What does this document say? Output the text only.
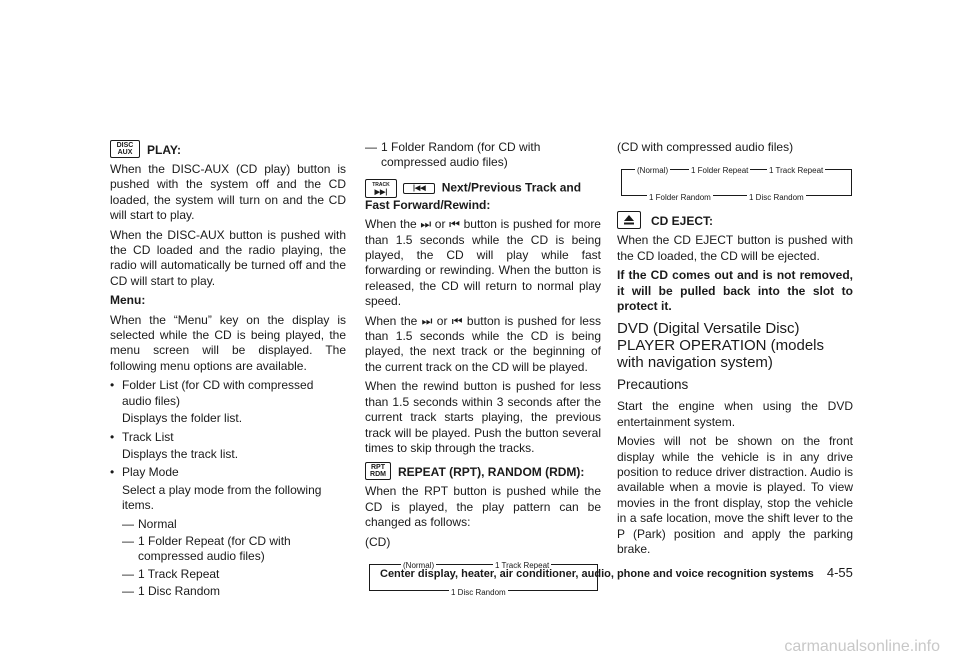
DISC AUX	PLAY:

When the DISC-AUX (CD play) button is pushed with the system off and the CD loaded, the system will turn on and the CD will start to play.

When the DISC-AUX button is pushed with the CD loaded and the radio playing, the radio will automatically be turned off and the CD will start to play.

Menu:

When the “Menu” key on the display is selected while the CD is being played, the menu screen will be displayed. The following menu options are available.

• Folder List (for CD with compressed audio files)
Displays the folder list.
• Track List
Displays the track list.
• Play Mode
Select a play mode from the following items.
— Normal
— 1 Folder Repeat (for CD with compressed audio files)
— 1 Track Repeat
— 1 Disc Random
— 1 Folder Random (for CD with compressed audio files)
TRACK ▶▶| |◀◀ Next/Previous Track and Fast Forward/Rewind:

When the ⏭ or ⏮ button is pushed for more than 1.5 seconds while the CD is being played, the CD will play while fast forwarding or rewinding. When the button is released, the CD will return to normal play speed.

When the ⏭ or ⏮ button is pushed for less than 1.5 seconds while the CD is being played, the next track or the beginning of the current track on the CD will be played.

When the rewind button is pushed for less than 1.5 seconds within 3 seconds after the current track starts playing, the previous track will be played. Push the button several times to skip through the tracks.

RPT RDM	REPEAT (RPT), RANDOM (RDM):

When the RPT button is pushed while the CD is played, the play pattern can be changed as follows:

(CD)

(Normal)	1 Track Repeat
1 Disc Random

(CD with compressed audio files)

(Normal)	1 Folder Repeat	1 Track Repeat
1 Folder Random	1 Disc Random
CD EJECT:

When the CD EJECT button is pushed with the CD loaded, the CD will be ejected.

If the CD comes out and is not removed, it will be pulled back into the slot to protect it.

DVD (Digital Versatile Disc) PLAYER OPERATION (models with navigation system)
Precautions

Start the engine when using the DVD entertainment system.

Movies will not be shown on the front display while the vehicle is in any drive position to reduce driver distraction. Audio is available when a movie is played. To view movies in the front display, stop the vehicle in a safe location, move the shift lever to the P (Park) position and apply the parking brake.

Center display, heater, air conditioner, audio, phone and voice recognition systems 4-55
carmanualsonline.info
